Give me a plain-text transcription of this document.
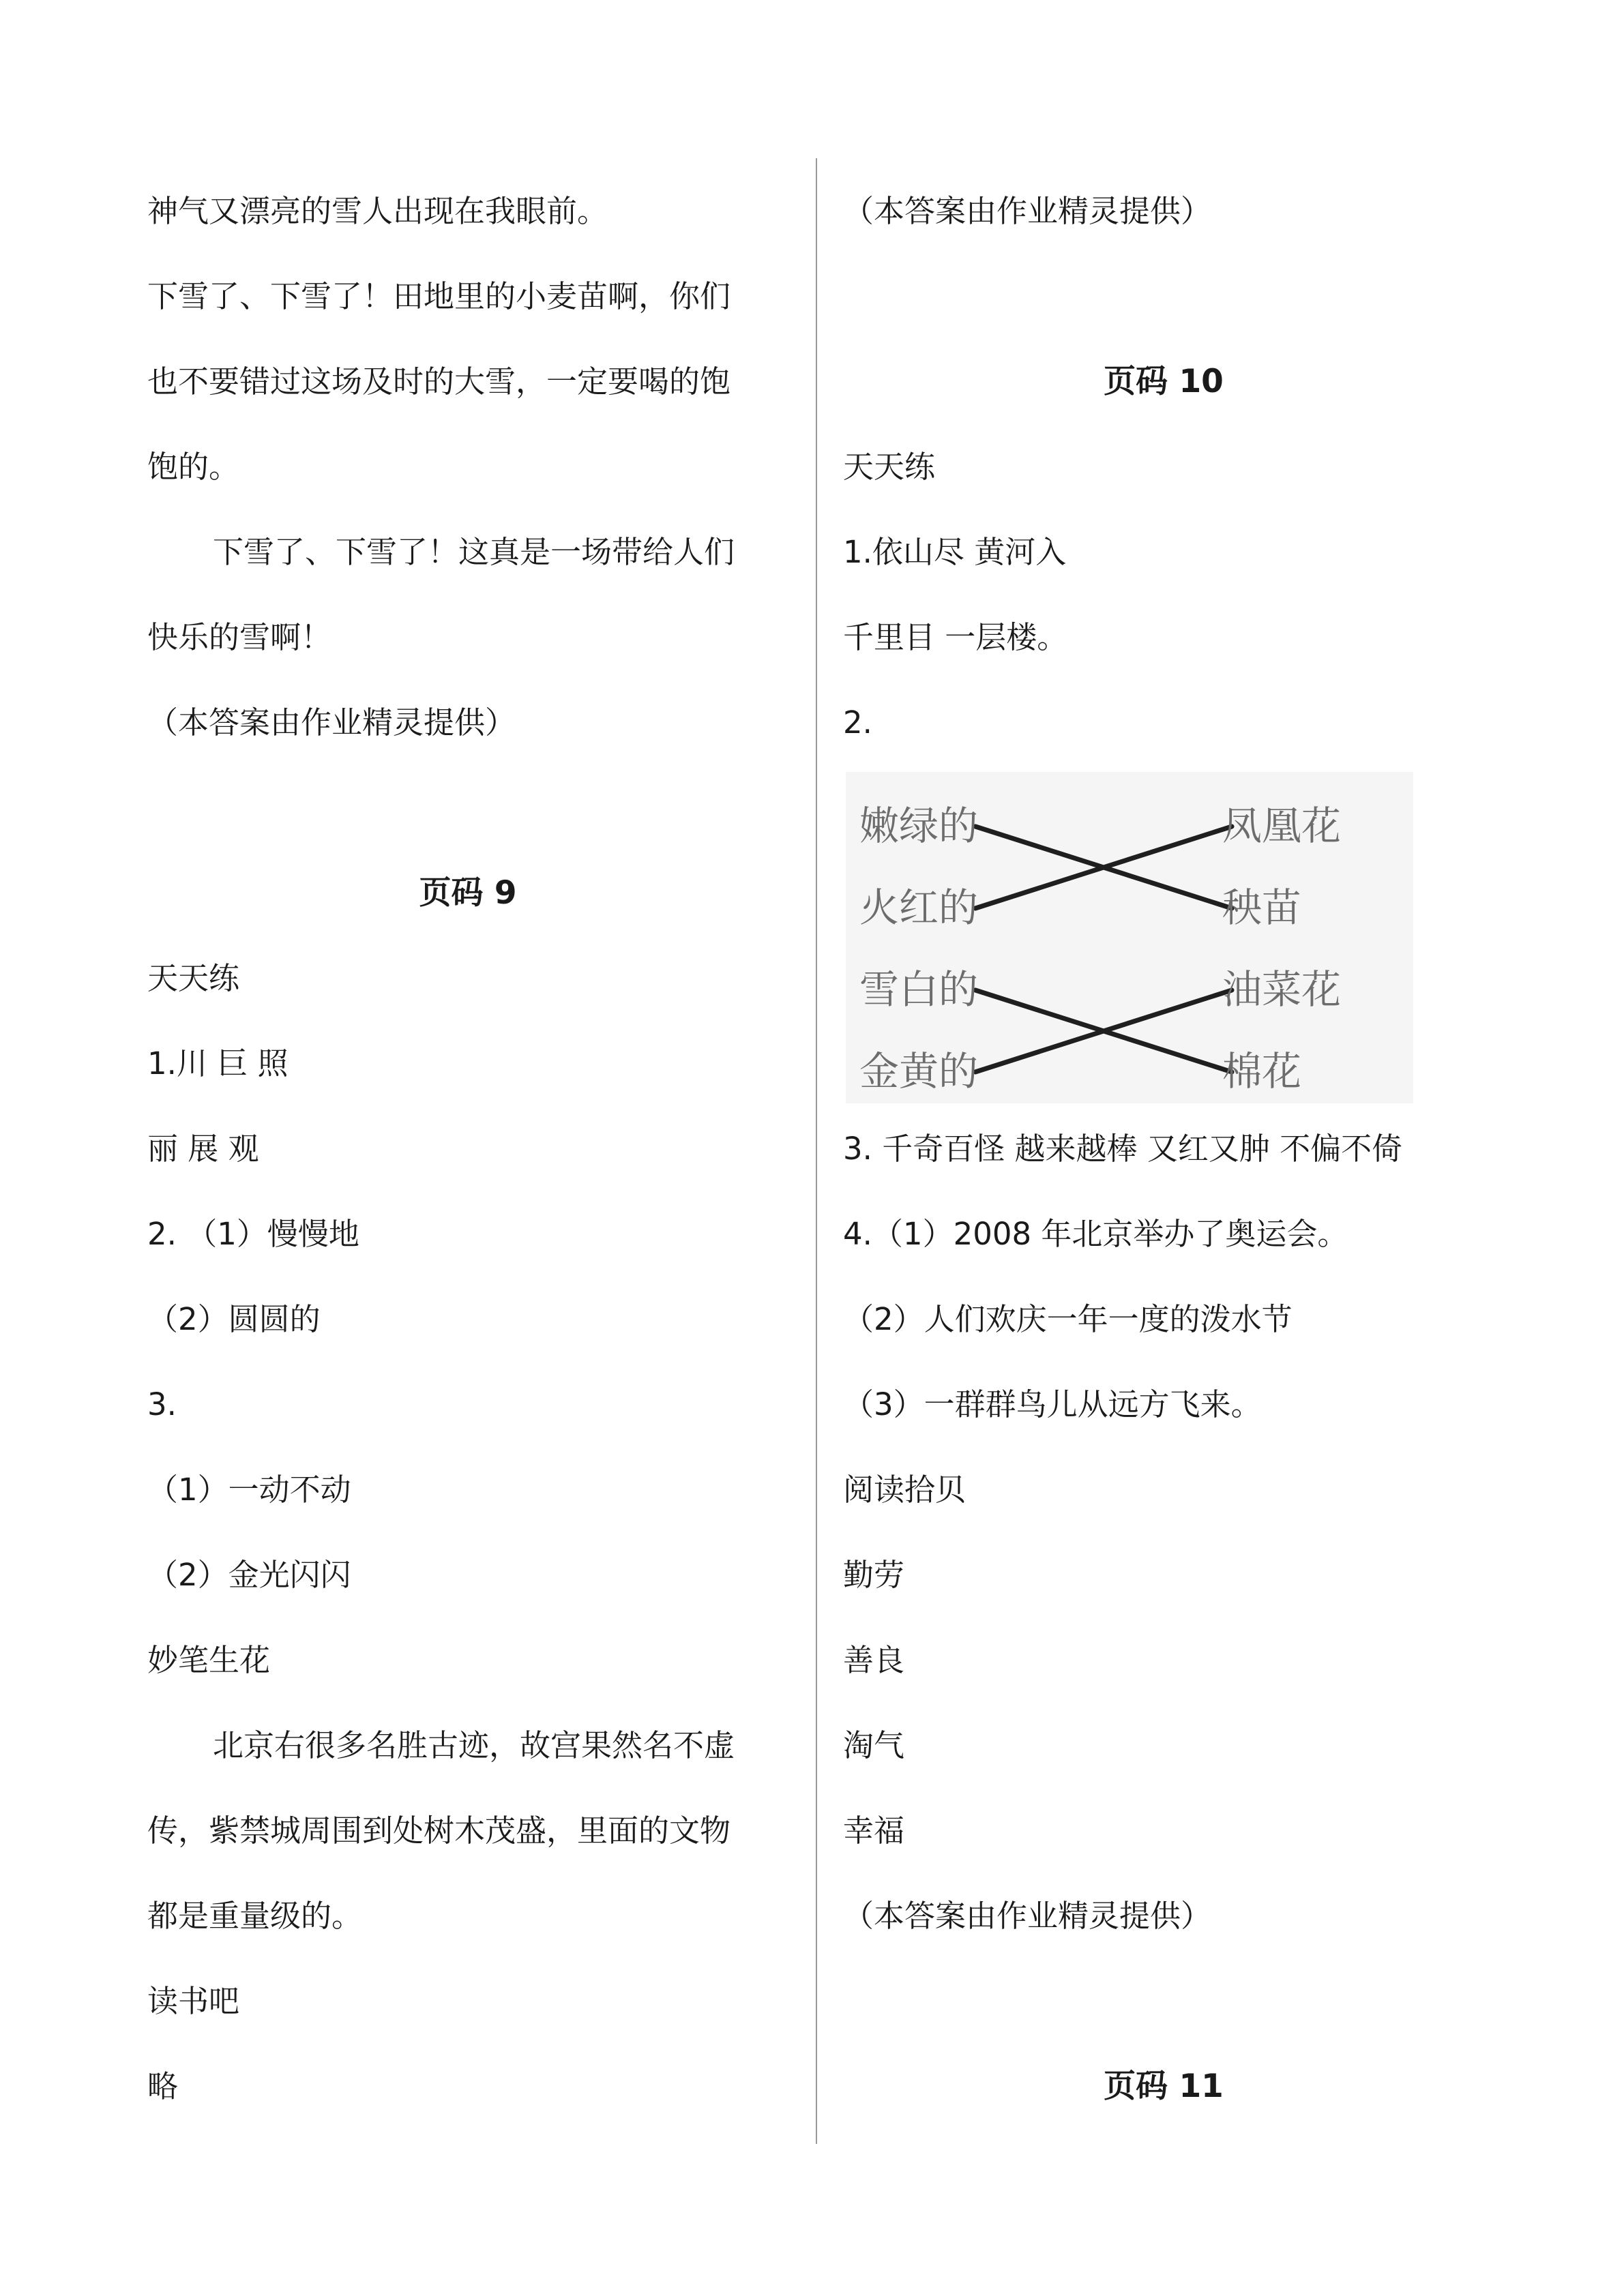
神气又漂亮的雪人出现在我眼前。
下雪了、下雪了！田地里的小麦苗啊，你们
也不要错过这场及时的大雪，一定要喝的饱
饱的。
下雪了、下雪了！这真是一场带给人们
快乐的雪啊！
（本答案由作业精灵提供）
页码 9
天天练
1.川 巨 照
丽 展 观
2. （1）慢慢地
（2）圆圆的
3.
（1）一动不动
（2）金光闪闪
妙笔生花
北京右很多名胜古迹，故宫果然名不虚
传，紫禁城周围到处树木茂盛，里面的文物
都是重量级的。
读书吧
略
（本答案由作业精灵提供）
页码 10
天天练
1.依山尽 黄河入
千里目 一层楼。
2.
3. 千奇百怪 越来越棒 又红又肿 不偏不倚
4.（1）2008 年北京举办了奥运会。
（2）人们欢庆一年一度的泼水节
（3）一群群鸟儿从远方飞来。
阅读拾贝
勤劳
善良
淘气
幸福
（本答案由作业精灵提供）
页码 11
嫩绿的
火红的
雪白的
金黄的
凤凰花
秧苗
油菜花
棉花
